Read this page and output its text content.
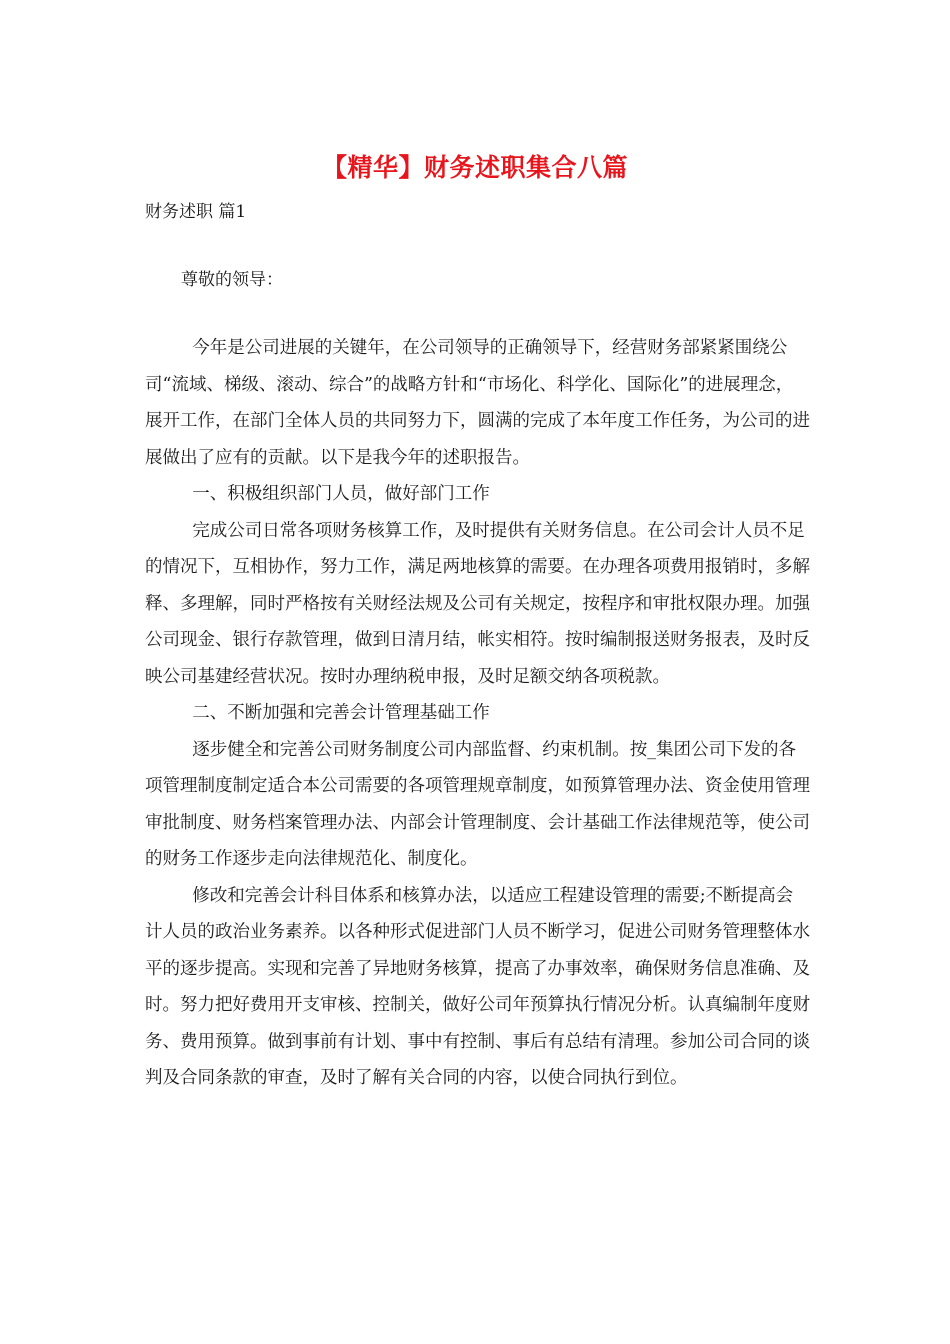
【精华】财务述职集合八篇
财务述职 篇1
尊敬的领导：

今年是公司进展的关键年，在公司领导的正确领导下，经营财务部紧紧围绕公司“流域、梯级、滚动、综合”的战略方针和“市场化、科学化、国际化”的进展理念，展开工作，在部门全体人员的共同努力下，圆满的完成了本年度工作任务，为公司的进展做出了应有的贡献。以下是我今年的述职报告。

一、积极组织部门人员，做好部门工作

完成公司日常各项财务核算工作，及时提供有关财务信息。在公司会计人员不足的情况下，互相协作，努力工作，满足两地核算的需要。在办理各项费用报销时，多解释、多理解，同时严格按有关财经法规及公司有关规定，按程序和审批权限办理。加强公司现金、银行存款管理，做到日清月结，帐实相符。按时编制报送财务报表，及时反映公司基建经营状况。按时办理纳税申报，及时足额交纳各项税款。

二、不断加强和完善会计管理基础工作

逐步健全和完善公司财务制度公司内部监督、约束机制。按_集团公司下发的各项管理制度制定适合本公司需要的各项管理规章制度，如预算管理办法、资金使用管理审批制度、财务档案管理办法、内部会计管理制度、会计基础工作法律规范等，使公司的财务工作逐步走向法律规范化、制度化。

修改和完善会计科目体系和核算办法，以适应工程建设管理的需要;不断提高会计人员的政治业务素养。以各种形式促进部门人员不断学习，促进公司财务管理整体水平的逐步提高。实现和完善了异地财务核算，提高了办事效率，确保财务信息准确、及时。努力把好费用开支审核、控制关，做好公司年预算执行情况分析。认真编制年度财务、费用预算。做到事前有计划、事中有控制、事后有总结有清理。参加公司合同的谈判及合同条款的审查，及时了解有关合同的内容，以使合同执行到位。
